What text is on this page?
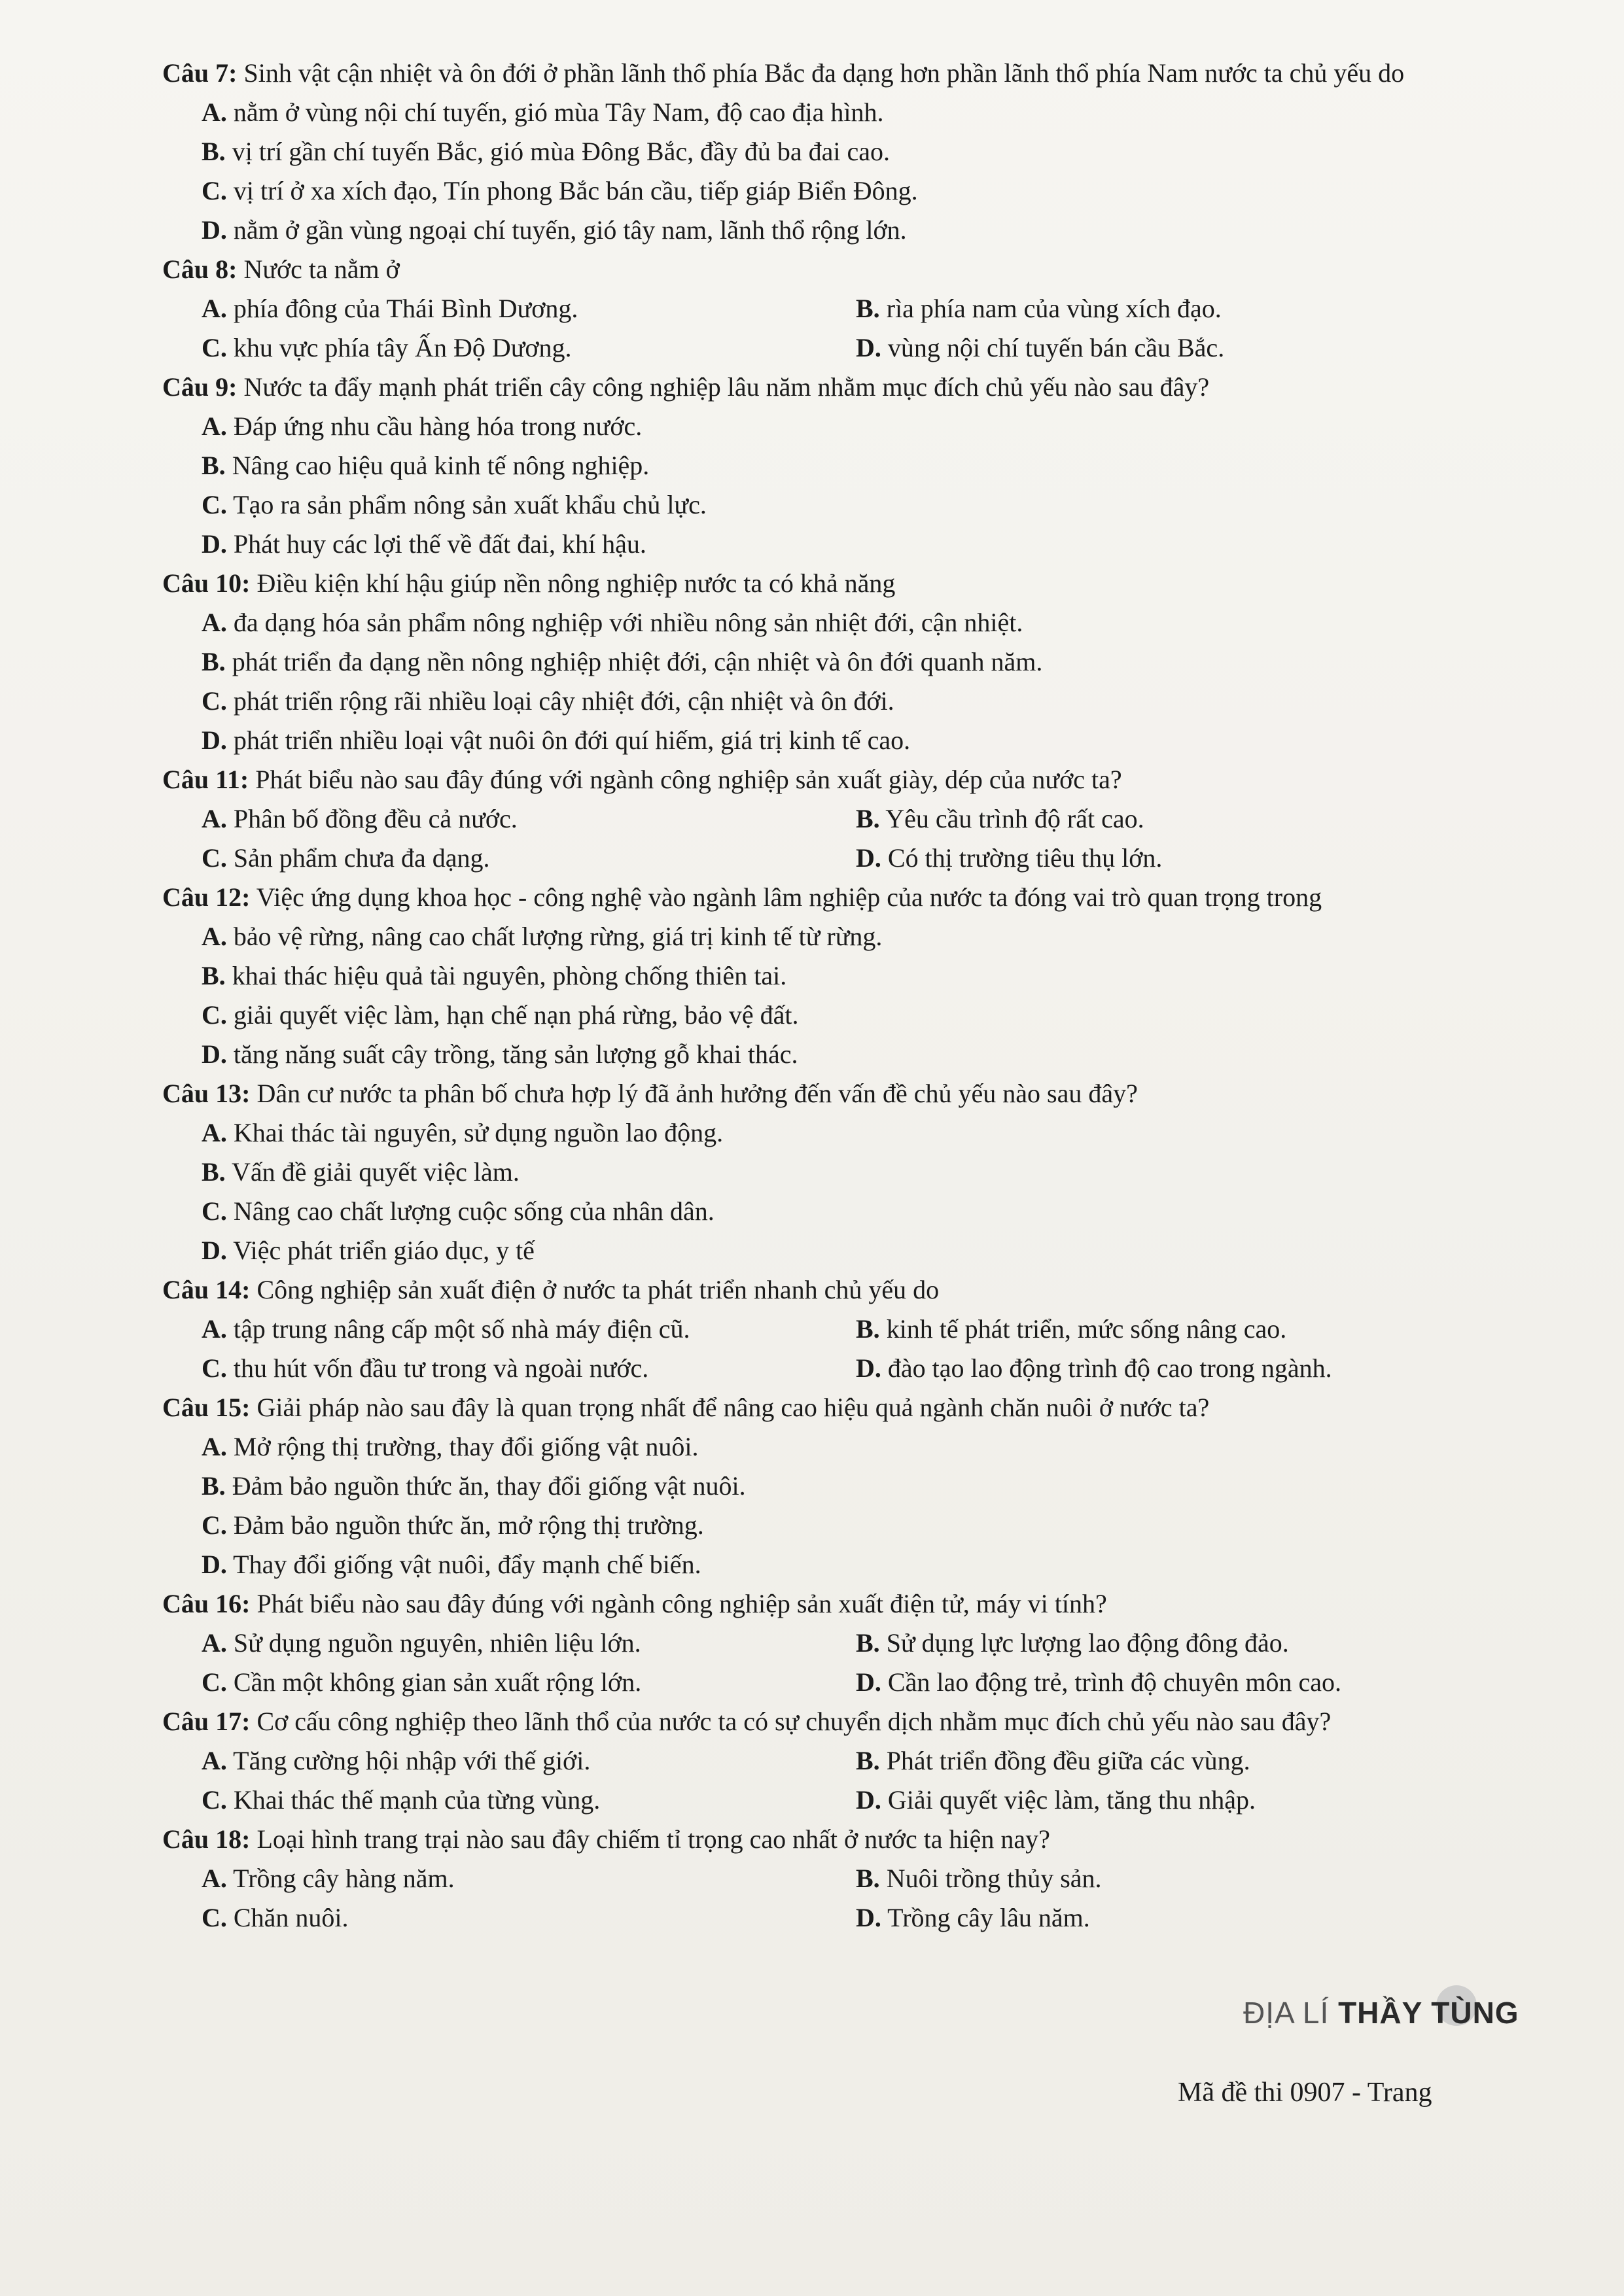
Câu 7: Sinh vật cận nhiệt và ôn đới ở phần lãnh thổ phía Bắc đa dạng hơn phần lãnh thổ phía Nam nước ta chủ yếu do

A. nằm ở vùng nội chí tuyến, gió mùa Tây Nam, độ cao địa hình.
B. vị trí gần chí tuyến Bắc, gió mùa Đông Bắc, đầy đủ ba đai cao.
C. vị trí ở xa xích đạo, Tín phong Bắc bán cầu, tiếp giáp Biển Đông.
D. nằm ở gần vùng ngoại chí tuyến, gió tây nam, lãnh thổ rộng lớn.

Câu 8: Nước ta nằm ở

A. phía đông của Thái Bình Dương.	B. rìa phía nam của vùng xích đạo.
C. khu vực phía tây Ấn Độ Dương.	D. vùng nội chí tuyến bán cầu Bắc.

Câu 9: Nước ta đẩy mạnh phát triển cây công nghiệp lâu năm nhằm mục đích chủ yếu nào sau đây?

A. Đáp ứng nhu cầu hàng hóa trong nước.
B. Nâng cao hiệu quả kinh tế nông nghiệp.
C. Tạo ra sản phẩm nông sản xuất khẩu chủ lực.
D. Phát huy các lợi thế về đất đai, khí hậu.

Câu 10: Điều kiện khí hậu giúp nền nông nghiệp nước ta có khả năng

A. đa dạng hóa sản phẩm nông nghiệp với nhiều nông sản nhiệt đới, cận nhiệt.
B. phát triển đa dạng nền nông nghiệp nhiệt đới, cận nhiệt và ôn đới quanh năm.
C. phát triển rộng rãi nhiều loại cây nhiệt đới, cận nhiệt và ôn đới.
D. phát triển nhiều loại vật nuôi ôn đới quí hiếm, giá trị kinh tế cao.

Câu 11: Phát biểu nào sau đây đúng với ngành công nghiệp sản xuất giày, dép của nước ta?

A. Phân bố đồng đều cả nước.	B. Yêu cầu trình độ rất cao.
C. Sản phẩm chưa đa dạng.	D. Có thị trường tiêu thụ lớn.

Câu 12: Việc ứng dụng khoa học - công nghệ vào ngành lâm nghiệp của nước ta đóng vai trò quan trọng trong

A. bảo vệ rừng, nâng cao chất lượng rừng, giá trị kinh tế từ rừng.
B. khai thác hiệu quả tài nguyên, phòng chống thiên tai.
C. giải quyết việc làm, hạn chế nạn phá rừng, bảo vệ đất.
D. tăng năng suất cây trồng, tăng sản lượng gỗ khai thác.

Câu 13: Dân cư nước ta phân bố chưa hợp lý đã ảnh hưởng đến vấn đề chủ yếu nào sau đây?

A. Khai thác tài nguyên, sử dụng nguồn lao động.
B. Vấn đề giải quyết việc làm.
C. Nâng cao chất lượng cuộc sống của nhân dân.
D. Việc phát triển giáo dục, y tế

Câu 14: Công nghiệp sản xuất điện ở nước ta phát triển nhanh chủ yếu do

A. tập trung nâng cấp một số nhà máy điện cũ.	B. kinh tế phát triển, mức sống nâng cao.
C. thu hút vốn đầu tư trong và ngoài nước.	D. đào tạo lao động trình độ cao trong ngành.

Câu 15: Giải pháp nào sau đây là quan trọng nhất để nâng cao hiệu quả ngành chăn nuôi ở nước ta?

A. Mở rộng thị trường, thay đổi giống vật nuôi.
B. Đảm bảo nguồn thức ăn, thay đổi giống vật nuôi.
C. Đảm bảo nguồn thức ăn, mở rộng thị trường.
D. Thay đổi giống vật nuôi, đẩy mạnh chế biến.

Câu 16: Phát biểu nào sau đây đúng với ngành công nghiệp sản xuất điện tử, máy vi tính?

A. Sử dụng nguồn nguyên, nhiên liệu lớn.	B. Sử dụng lực lượng lao động đông đảo.
C. Cần một không gian sản xuất rộng lớn.	D. Cần lao động trẻ, trình độ chuyên môn cao.

Câu 17: Cơ cấu công nghiệp theo lãnh thổ của nước ta có sự chuyển dịch nhằm mục đích chủ yếu nào sau đây?

A. Tăng cường hội nhập với thế giới.	B. Phát triển đồng đều giữa các vùng.
C. Khai thác thế mạnh của từng vùng.	D. Giải quyết việc làm, tăng thu nhập.

Câu 18: Loại hình trang trại nào sau đây chiếm tỉ trọng cao nhất ở nước ta hiện nay?

A. Trồng cây hàng năm.	B. Nuôi trồng thủy sản.
C. Chăn nuôi.	D. Trồng cây lâu năm.
ĐỊA LÍ THẦY TÙNG
Mã đề thi 0907 - Trang
